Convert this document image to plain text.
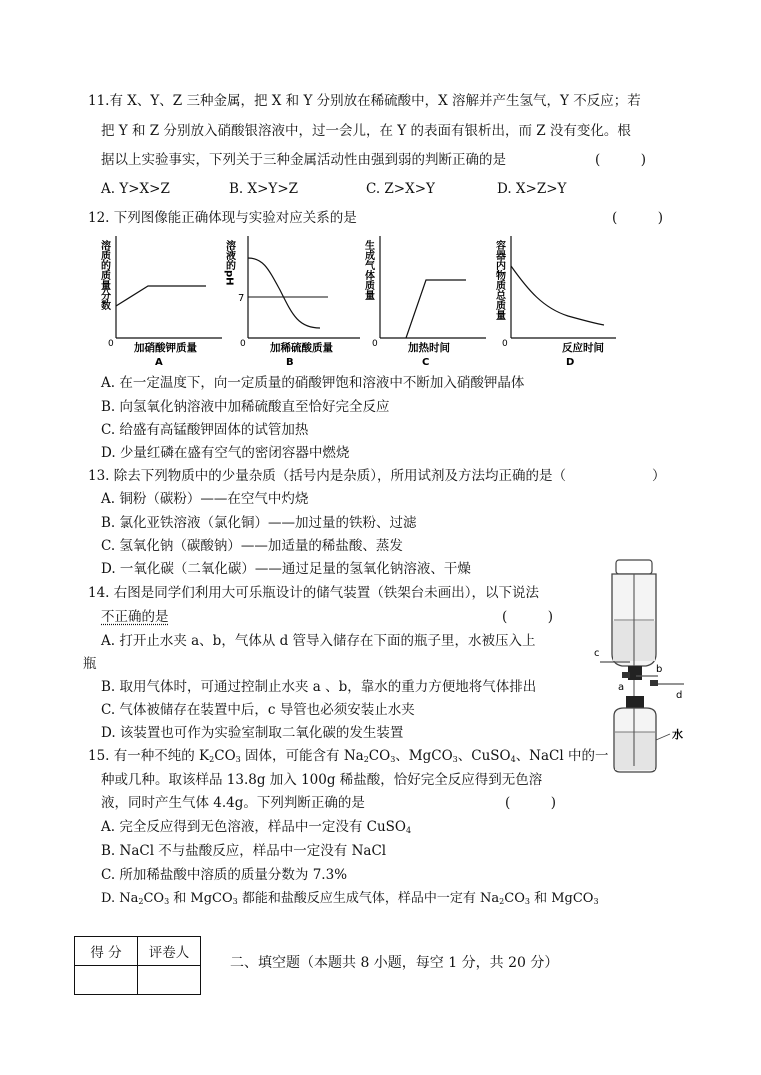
11.有 X、Y、Z 三种金属，把 X 和 Y 分别放在稀硫酸中，X 溶解并产生氢气，Y 不反应；若
把 Y 和 Z 分别放入硝酸银溶液中，过一会儿，在 Y 的表面有银析出，而 Z 没有变化。根
据以上实验事实，下列关于三种金属活动性由强到弱的判断正确的是	(　　　)
A. Y>X>Z	B. X>Y>Z	C. Z>X>Y	D. X>Z>Y
12. 下列图像能正确体现与实验对应关系的是	(　　　)
溶质的质量分数
0 加硝酸钾质量
A
溶液的pH
7
0 加稀硫酸质量
B
生成气体质量
0	加热时间
C
容器内物质总质量
0	反应时间
D
A. 在一定温度下，向一定质量的硝酸钾饱和溶液中不断加入硝酸钾晶体
B. 向氢氧化钠溶液中加稀硫酸直至恰好完全反应
C. 给盛有高锰酸钾固体的试管加热
D. 少量红磷在盛有空气的密闭容器中燃烧
13. 除去下列物质中的少量杂质（括号内是杂质），所用试剂及方法均正确的是（	）
A. 铜粉（碳粉）——在空气中灼烧
B. 氯化亚铁溶液（氯化铜）——加过量的铁粉、过滤
C. 氢氧化钠（碳酸钠）——加适量的稀盐酸、蒸发
D. 一氧化碳（二氧化碳）——通过足量的氢氧化钠溶液、干燥
14. 右图是同学们利用大可乐瓶设计的储气装置（铁架台未画出），以下说法
不正确的是	(　　　)
A. 打开止水夹 a、b，气体从 d 管导入储存在下面的瓶子里，水被压入上
瓶
B. 取用气体时，可通过控制止水夹 a 、b，靠水的重力方便地将气体排出
C. 气体被储存在装置中后，c 导管也必须安装止水夹
D. 该装置也可作为实验室制取二氧化碳的发生装置
c
a
b
d
水
15. 有一种不纯的 $K_2CO_3$ 固体，可能含有 $Na_2CO_3$、MgCO$_3$、CuSO$_4$、NaCl 中的一
种或几种。取该样品 13.8g 加入 100g 稀盐酸，恰好完全反应得到无色溶
液，同时产生气体 4.4g。下列判断正确的是	(　　　)
A. 完全反应得到无色溶液，样品中一定没有 CuSO$_4$
B. NaCl 不与盐酸反应，样品中一定没有 NaCl
C. 所加稀盐酸中溶质的质量分数为 7.3%
D. $Na_2CO_3$ 和 MgCO$_3$ 都能和盐酸反应生成气体，样品中一定有 $Na_2CO_3$ 和 MgCO$_3$
得 分	评卷人

二、填空题（本题共 8 小题，每空 1 分，共 20 分）
